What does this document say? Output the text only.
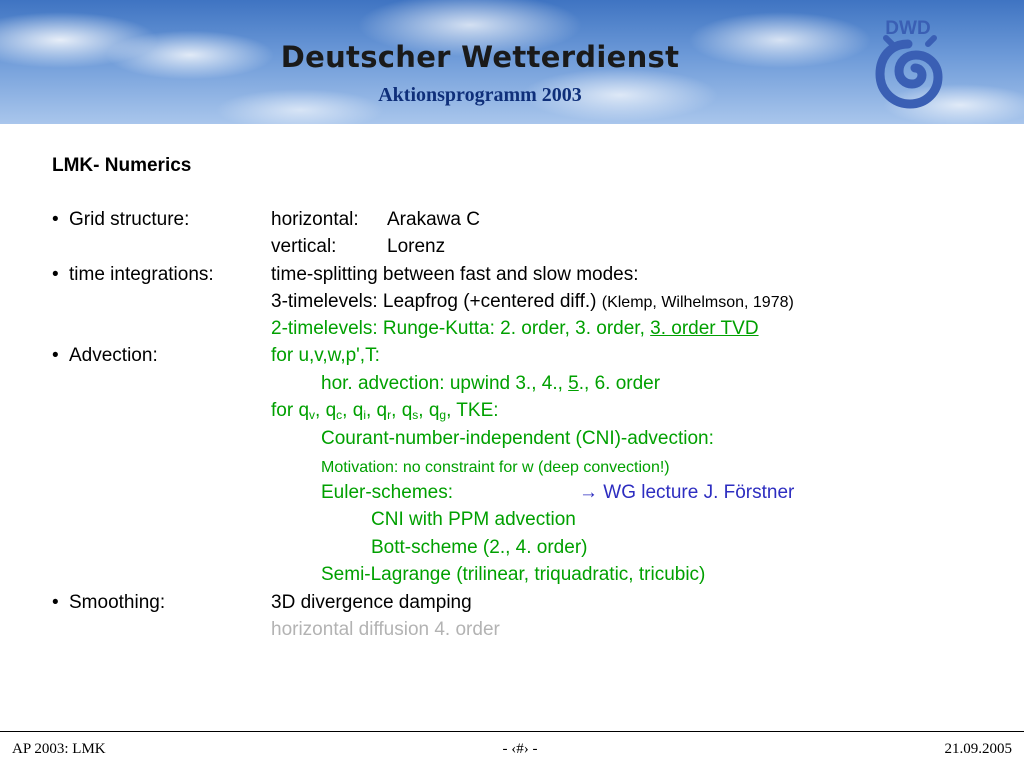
Deutscher Wetterdienst
Aktionsprogramm 2003
DWD
LMK- Numerics
• Grid structure:	horizontal: Arakawa C
vertical:	Lorenz
• time integrations:	time-splitting between fast and slow modes:
3-timelevels: Leapfrog (+centered diff.) (Klemp, Wilhelmson, 1978)
2-timelevels: Runge-Kutta: 2. order, 3. order, 3. order TVD
• Advection:	for u,v,w,p',T:
hor. advection: upwind 3., 4., 5., 6. order
for $q_v$, $q_c$, $q_i$, $q_r$, $q_s$, $q_g$, TKE:
Courant-number-independent (CNI)-advection:
Motivation: no constraint for w (deep convection!)
Euler-schemes:	→ WG lecture J. Förstner
CNI with PPM advection
Bott-scheme (2., 4. order)
Semi-Lagrange (trilinear, triquadratic, tricubic)
• Smoothing:	3D divergence damping
horizontal diffusion 4. order
AP 2003: LMK	- ‹#› -	21.09.2005
